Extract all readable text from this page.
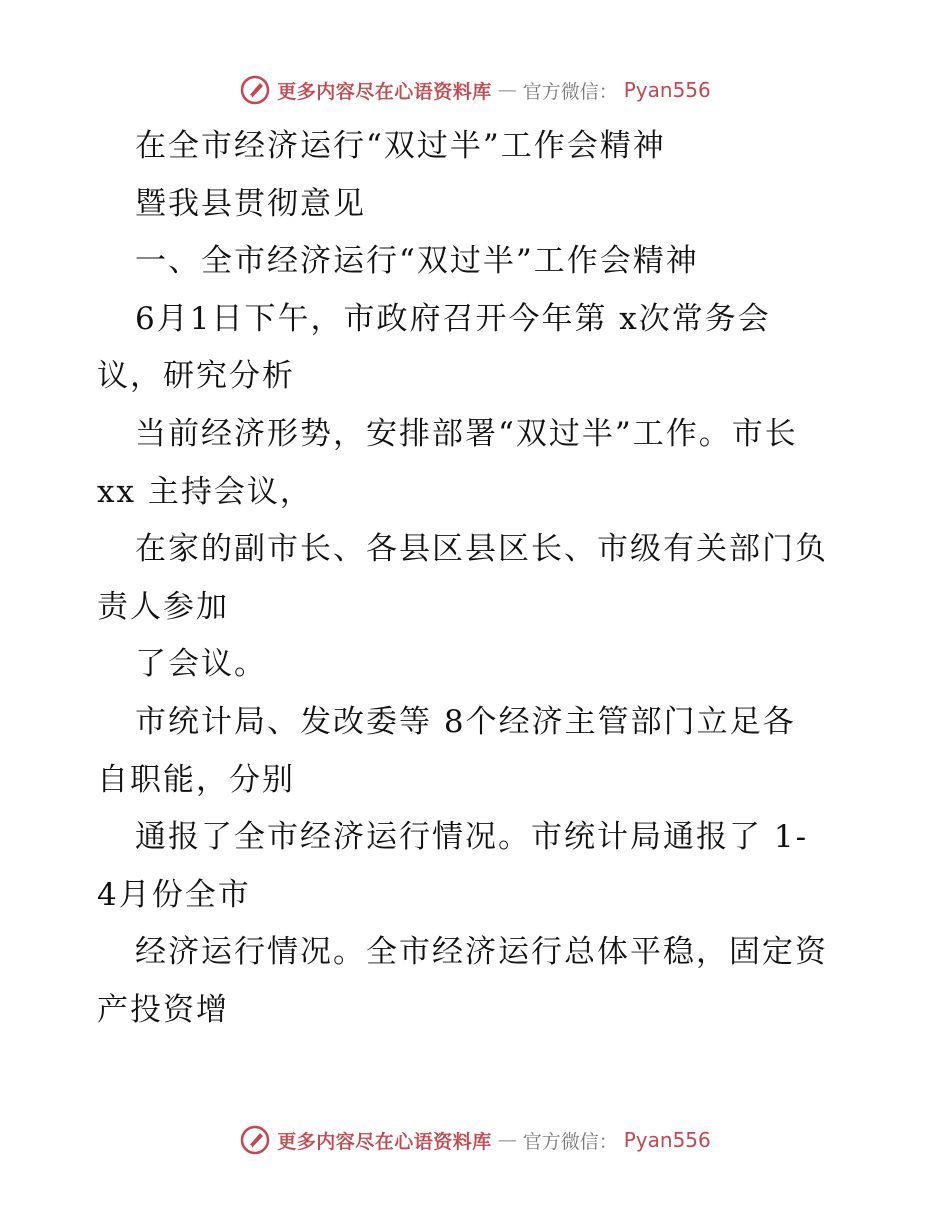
更多内容尽在心语资料库 — 官方微信： Pyan556
在全市经济运行“双过半”工作会精神
暨我县贯彻意见
一、全市经济运行“双过半”工作会精神
6月1日下午，市政府召开今年第 x次常务会
议，研究分析
当前经济形势，安排部署“双过半”工作。市长
xx 主持会议，
在家的副市长、各县区县区长、市级有关部门负
责人参加
了会议。
市统计局、发改委等 8个经济主管部门立足各
自职能，分别
通报了全市经济运行情况。市统计局通报了 1-
4月份全市
经济运行情况。全市经济运行总体平稳，固定资
产投资增
更多内容尽在心语资料库 — 官方微信： Pyan556
